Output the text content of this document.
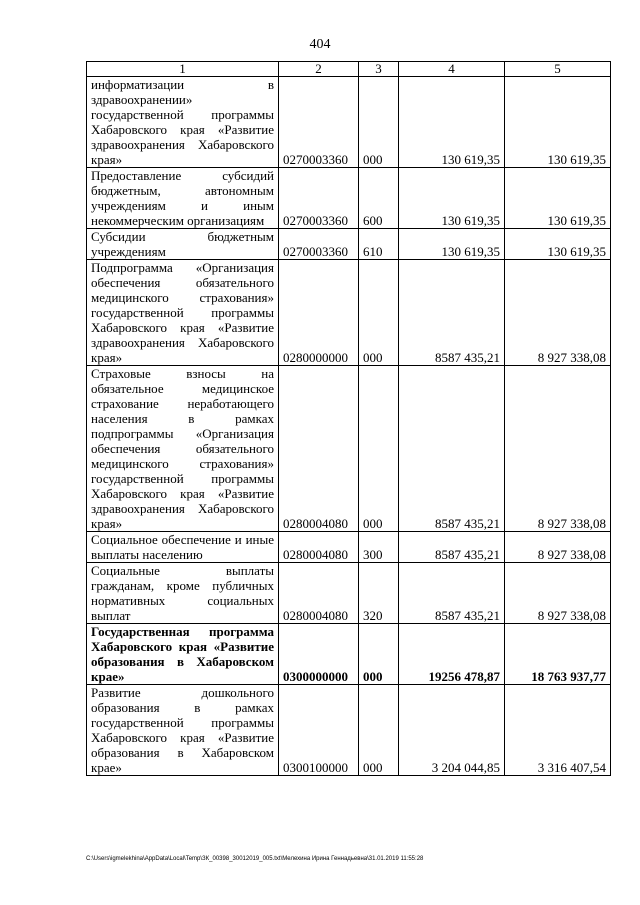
404
1	2	3	4	5
информатизации в здравоохранении» государственной программы Хабаровского края «Развитие здравоохранения Хабаровского края»	0270003360	000	130 619,35	130 619,35
Предоставление субсидий бюджетным, автономным учреждениям и иным некоммерческим организациям	0270003360	600	130 619,35	130 619,35
Субсидии бюджетным учреждениям	0270003360	610	130 619,35	130 619,35
Подпрограмма «Организация обеспечения обязательного медицинского страхования» государственной программы Хабаровского края «Развитие здравоохранения Хабаровского края»	0280000000	000	8587 435,21	8 927 338,08
Страховые взносы на обязательное медицинское страхование неработающего населения в рамках подпрограммы «Организация обеспечения обязательного медицинского страхования» государственной программы Хабаровского края «Развитие здравоохранения Хабаровского края»	0280004080	000	8587 435,21	8 927 338,08
Социальное обеспечение и иные выплаты населению	0280004080	300	8587 435,21	8 927 338,08
Социальные выплаты гражданам, кроме публичных нормативных социальных выплат	0280004080	320	8587 435,21	8 927 338,08
Государственная программа Хабаровского края «Развитие образования в Хабаровском крае»	0300000000	000	19256 478,87	18 763 937,77
Развитие дошкольного образования в рамках государственной программы Хабаровского края «Развитие образования в Хабаровском крае»	0300100000	000	3 204 044,85	3 316 407,54
C:\Users\igmelekhina\AppData\Local\Temp\ЗК_00398_30012019_005.txt\Мелехина Ирина Геннадьевна\31.01.2019 11:55:28
